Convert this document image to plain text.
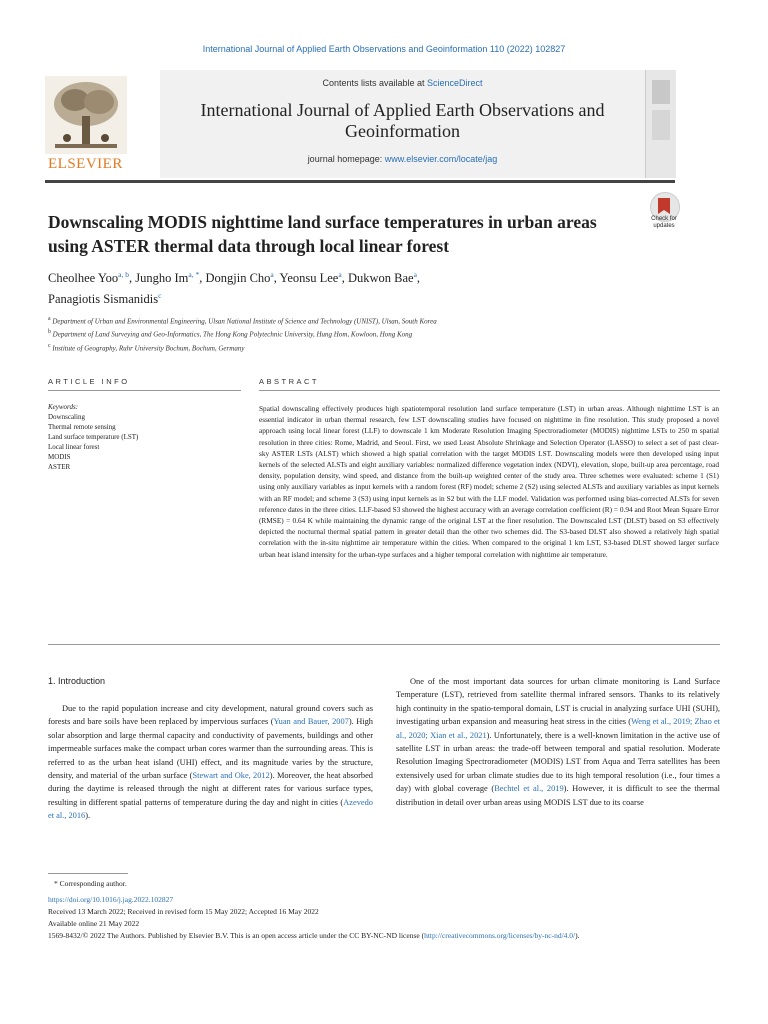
International Journal of Applied Earth Observations and Geoinformation 110 (2022) 102827
ELSEVIER
Contents lists available at ScienceDirect
International Journal of Applied Earth Observations and Geoinformation
journal homepage: www.elsevier.com/locate/jag
Downscaling MODIS nighttime land surface temperatures in urban areas using ASTER thermal data through local linear forest
Check for updates
Cheolhee Yoo$^{a, b}$, Jungho $Im^{a, *}$, Dongjin Cho$^a$, Yeonsu Lee$^a$, Dukwon Bae$^a$,
Panagiotis Sismanidis$^c$
$^a$ Department of Urban and Environmental Engineering, Ulsan National Institute of Science and Technology (UNIST), Ulsan, South Korea
$^b$ Department of Land Surveying and Geo-Informatics, The Hong Kong Polytechnic University, Hung Hom, Kowloon, Hong Kong
$^c$ Institute of Geography, Ruhr University Bochum, Bochum, Germany
ARTICLE INFO	ABSTRACT
Keywords:
Downscaling
Thermal remote sensing
Land surface temperature (LST)
Local linear forest
MODIS
ASTER
Spatial downscaling effectively produces high spatiotemporal resolution land surface temperature (LST) in urban areas. Although nighttime LST is an essential indicator in urban thermal research, few LST downscaling studies have focused on nighttime in fine resolution. This study proposed a novel approach using local linear forest (LLF) to downscale 1 km Moderate Resolution Imaging Spectroradiometer (MODIS) nighttime LSTs to 250 m spatial resolution in three cities: Rome, Madrid, and Seoul. First, we used Least Absolute Shrinkage and Selection Operator (LASSO) to select a set of past clear-sky ASTER LSTs (ALST) which showed a high spatial correlation with the target MODIS LST. Downscaling models were then developed using input kernels of the selected ALSTs and eight auxiliary variables: normalized difference vegetation index (NDVI), elevation, slope, built-up area percentage, road density, population density, wind speed, and distance from the built-up weighted center of the study area. Three schemes were evaluated: scheme 1 (S1) using only auxiliary variables as input kernels with a random forest (RF) model; scheme 2 (S2) using selected ALSTs and auxiliary variables as input kernels with an RF model; and scheme 3 (S3) using input kernels as in S2 but with the LLF model. Validation was performed using bias-corrected ALSTs for seven reference dates in the three cities. LLF-based S3 showed the highest accuracy with an average correlation coefficient (R) = 0.94 and Root Mean Square Error (RMSE) = 0.64 K while maintaining the dynamic range of the original LST at the finer resolution. The Downscaled LST (DLST) based on S3 effectively depicted the nocturnal thermal spatial pattern in greater detail than the other two schemes did. The S3-based DLST also showed a relatively high spatial correlation with the in-situ nighttime air temperature within the cities. When compared to the original 1 km LST, S3-based DLST showed larger surface urban heat island intensity for the urban-type surfaces and a higher temporal correlation with nighttime air temperature.
1. Introduction
Due to the rapid population increase and city development, natural ground covers such as forests and bare soils have been replaced by impervious surfaces (Yuan and Bauer, 2007). High solar absorption and large thermal capacity and conductivity of pavements, buildings and other impermeable surfaces make the compact urban cores warmer than the surrounding areas. This is referred to as the urban heat island (UHI) effect, and its magnitude varies by the structure, density, and material of the urban surface (Stewart and Oke, 2012). Moreover, the heat absorbed during the daytime is released through the night at different rates for various surface types, resulting in different spatial patterns of temperature during the day and night in cities (Azevedo et al., 2016).
One of the most important data sources for urban climate monitoring is Land Surface Temperature (LST), retrieved from satellite thermal infrared sensors. Thanks to its relatively high continuity in the spatio-temporal domain, LST is crucial in analyzing surface UHI (SUHI), investigating urban expansion and measuring heat stress in the cities (Weng et al., 2019; Zhao et al., 2020; Xian et al., 2021). Unfortunately, there is a well-known limitation in the active use of satellite LST in urban areas: the trade-off between temporal and spatial resolution. Moderate Resolution Imaging Spectroradiometer (MODIS) LST from Aqua and Terra satellites has been extensively used for urban climate studies due to its high temporal resolution (i.e., four times a day) with global coverage (Bechtel et al., 2019). However, it is difficult to see the thermal distribution in detail over urban areas using MODIS LST due to its coarse
* Corresponding author.
https://doi.org/10.1016/j.jag.2022.102827
Received 13 March 2022; Received in revised form 15 May 2022; Accepted 16 May 2022
Available online 21 May 2022
1569-8432/© 2022 The Authors. Published by Elsevier B.V. This is an open access article under the CC BY-NC-ND license (http://creativecommons.org/licenses/by-nc-nd/4.0/).
